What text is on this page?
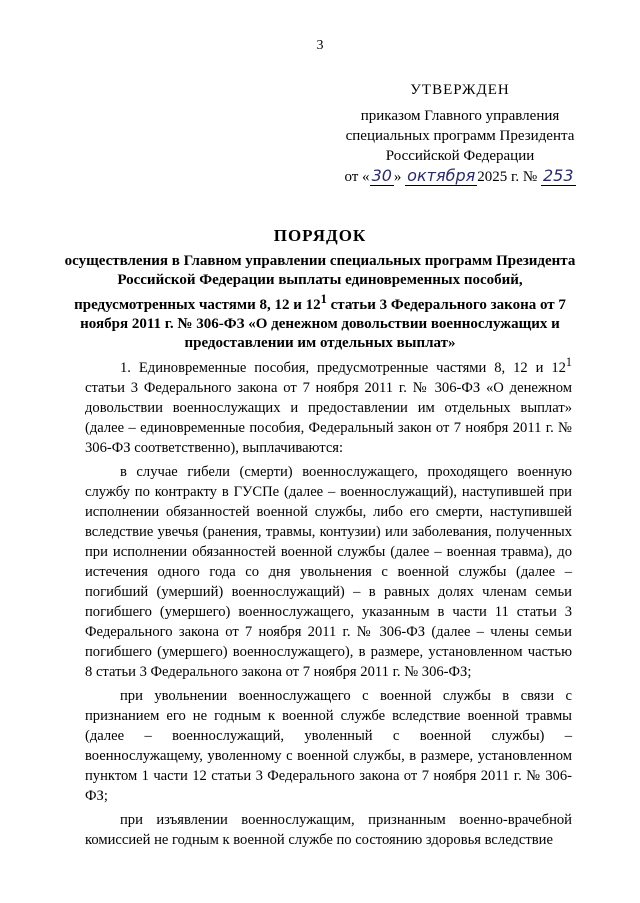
3
УТВЕРЖДЕН
приказом Главного управления
специальных программ Президента
Российской Федерации
от « 30 » октября 2025 г. № 253
ПОРЯДОК
осуществления в Главном управлении специальных программ Президента Российской Федерации выплаты единовременных пособий, предусмотренных частями 8, 12 и $12^1$ статьи 3 Федерального закона от 7 ноября 2011 г. № 306-ФЗ «О денежном довольствии военнослужащих и предоставлении им отдельных выплат»

1. Единовременные пособия, предусмотренные частями 8, 12 и $12^1$ статьи 3 Федерального закона от 7 ноября 2011 г. № 306-ФЗ «О денежном довольствии военнослужащих и предоставлении им отдельных выплат» (далее – единовременные пособия, Федеральный закон от 7 ноября 2011 г. № 306-ФЗ соответственно), выплачиваются:

в случае гибели (смерти) военнослужащего, проходящего военную службу по контракту в ГУСПе (далее – военнослужащий), наступившей при исполнении обязанностей военной службы, либо его смерти, наступившей вследствие увечья (ранения, травмы, контузии) или заболевания, полученных при исполнении обязанностей военной службы (далее – военная травма), до истечения одного года со дня увольнения с военной службы (далее – погибший (умерший) военнослужащий) – в равных долях членам семьи погибшего (умершего) военнослужащего, указанным в части 11 статьи 3 Федерального закона от 7 ноября 2011 г. № 306-ФЗ (далее – члены семьи погибшего (умершего) военнослужащего), в размере, установленном частью 8 статьи 3 Федерального закона от 7 ноября 2011 г. № 306-ФЗ;

при увольнении военнослужащего с военной службы в связи с признанием его не годным к военной службе вследствие военной травмы (далее – военнослужащий, уволенный с военной службы) – военнослужащему, уволенному с военной службы, в размере, установленном пунктом 1 части 12 статьи 3 Федерального закона от 7 ноября 2011 г. № 306-ФЗ;

при изъявлении военнослужащим, признанным военно-врачебной комиссией не годным к военной службе по состоянию здоровья вследствие
